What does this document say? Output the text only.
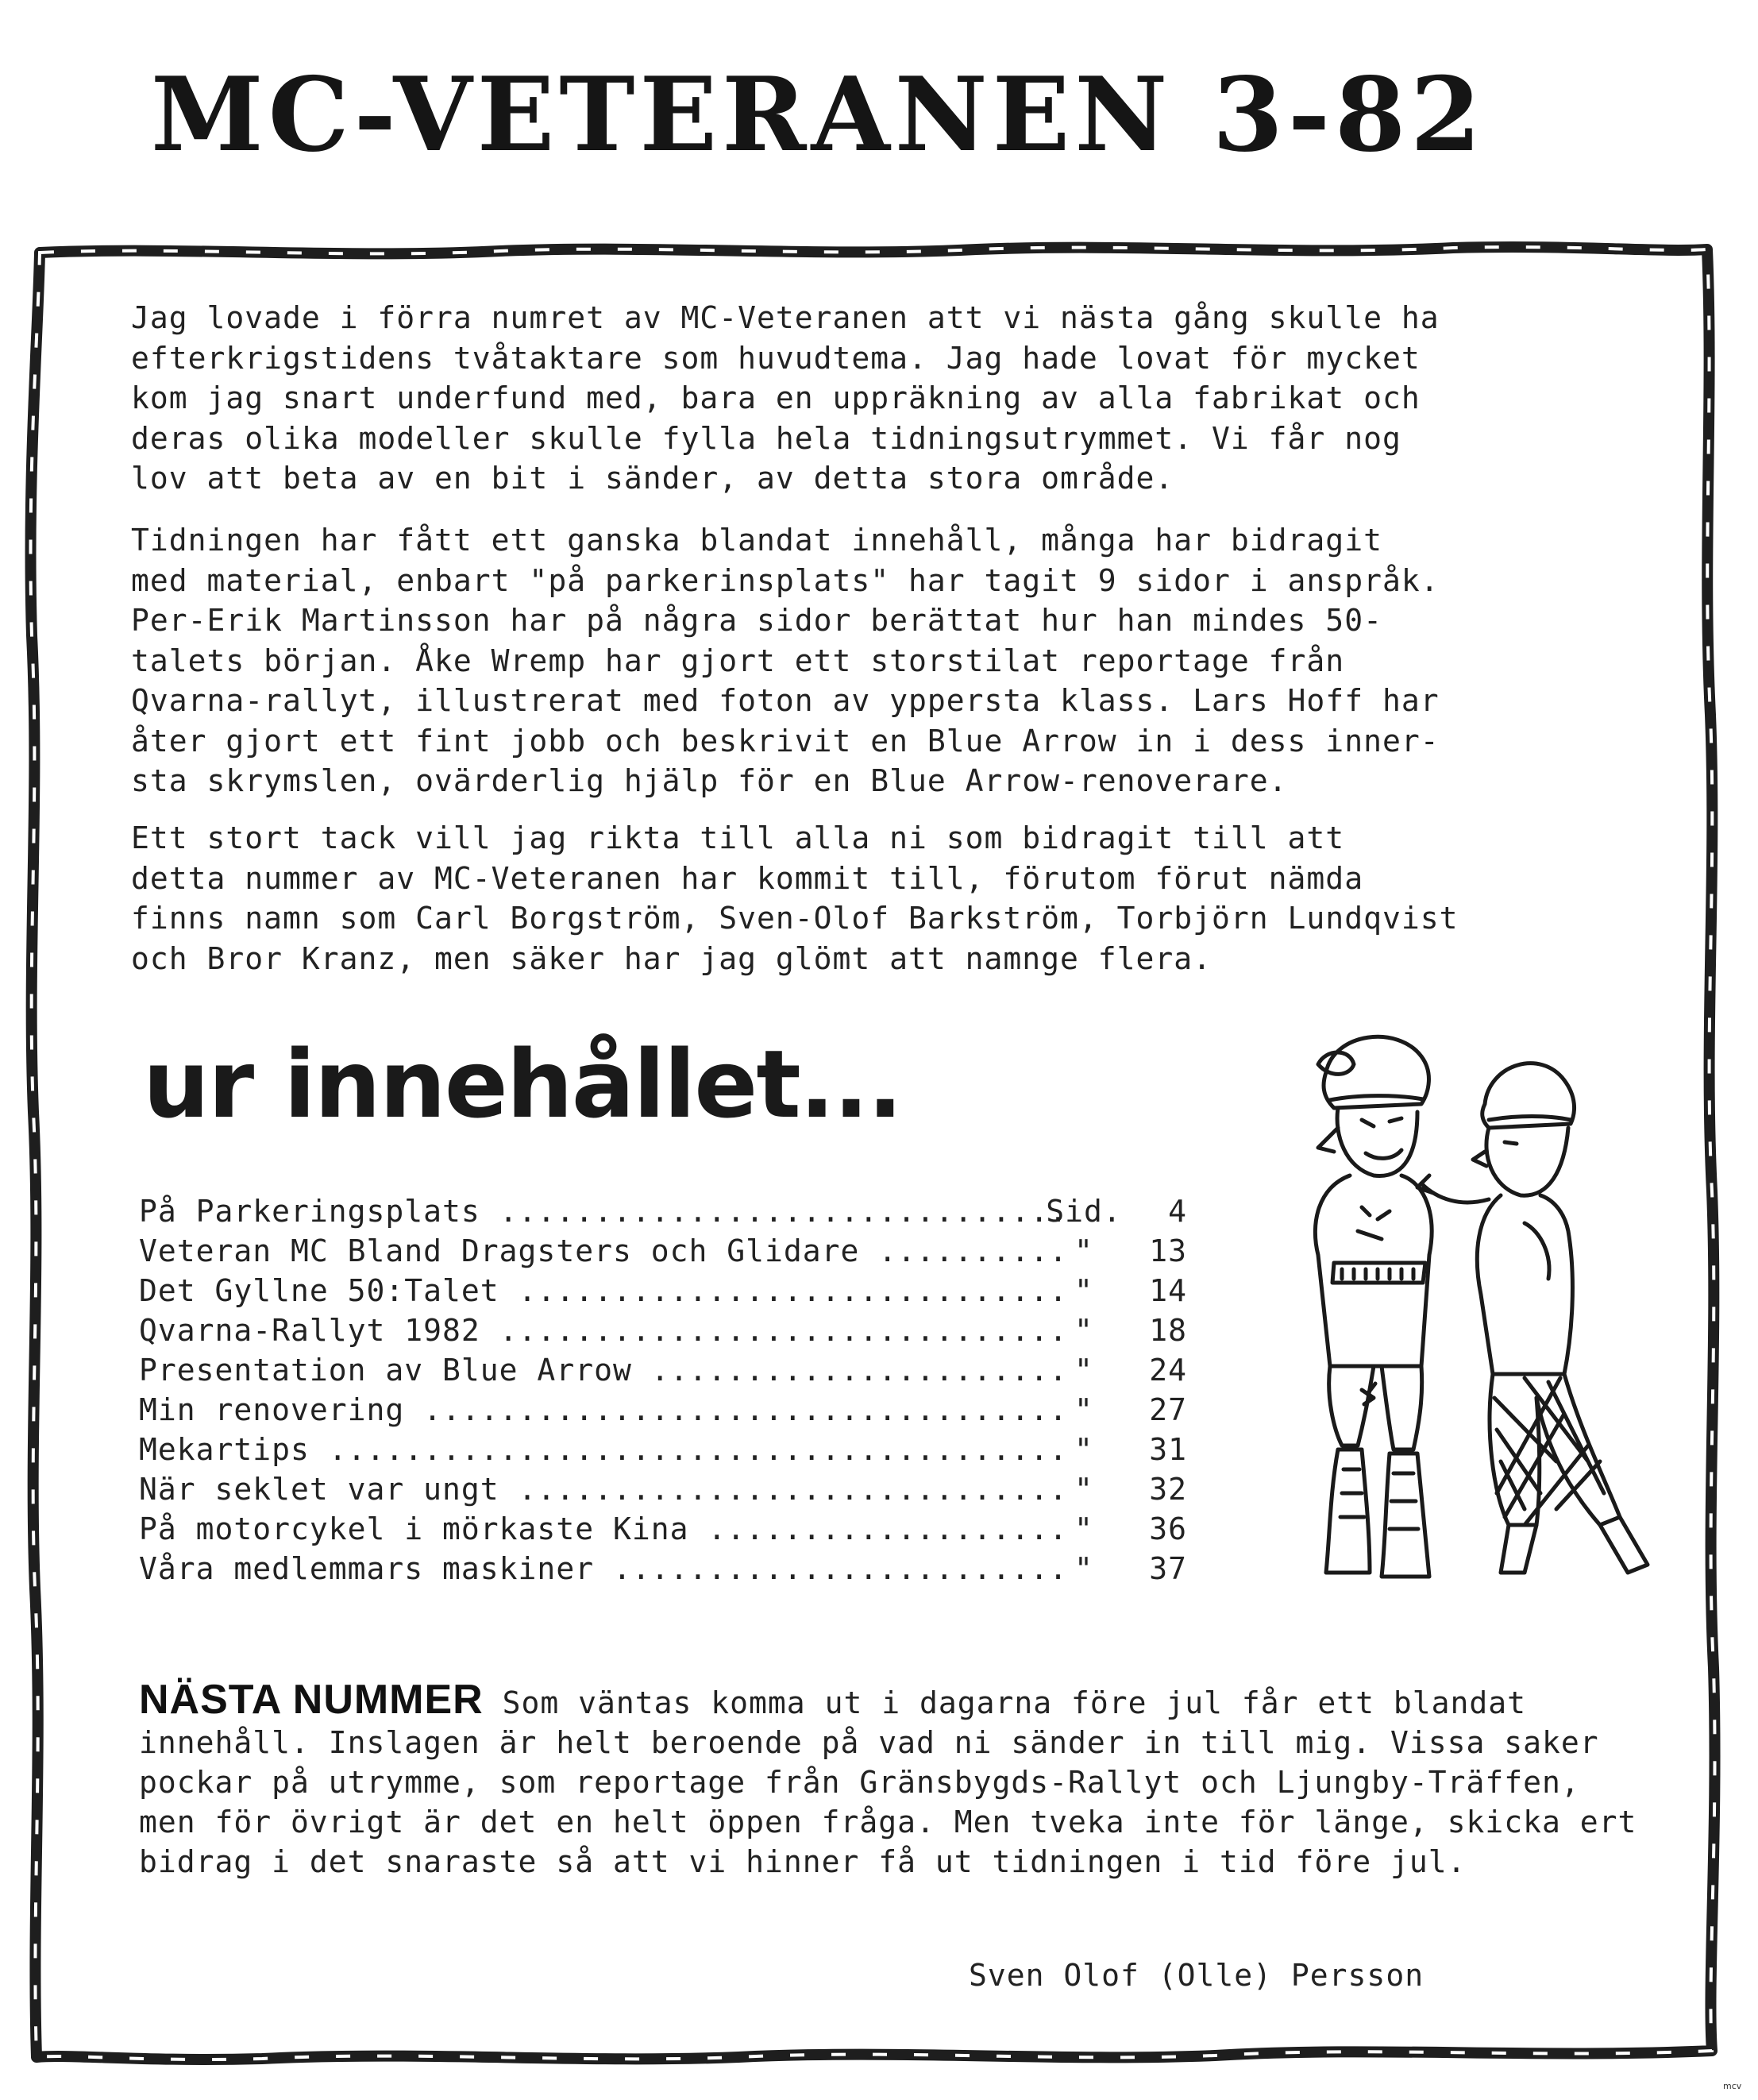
MC-VETERANEN 3-82

Jag lovade i förra numret av MC-Veteranen att vi nästa gång skulle ha
efterkrigstidens tvåtaktare som huvudtema. Jag hade lovat för mycket
kom jag snart underfund med, bara en uppräkning av alla fabrikat och
deras olika modeller skulle fylla hela tidningsutrymmet. Vi får nog
lov att beta av en bit i sänder, av detta stora område.

Tidningen har fått ett ganska blandat innehåll, många har bidragit
med material, enbart "på parkerinsplats" har tagit 9 sidor i anspråk.
Per-Erik Martinsson har på några sidor berättat hur han mindes 50-
talets början. Åke Wremp har gjort ett storstilat reportage från
Qvarna-rallyt, illustrerat med foton av yppersta klass. Lars Hoff har
åter gjort ett fint jobb och beskrivit en Blue Arrow in i dess inner-
sta skrymslen, ovärderlig hjälp för en Blue Arrow-renoverare.

Ett stort tack vill jag rikta till alla ni som bidragit till att
detta nummer av MC-Veteranen har kommit till, förutom förut nämda
finns namn som Carl Borgström, Sven-Olof Barkström, Torbjörn Lundqvist
och Bror Kranz, men säker har jag glömt att namnge flera.

ur innehållet...
På Parkeringsplats .....	Sid.	4
Veteran MC Bland Dragsters och Glidare .....	"	13
Det Gyllne 50:Talet .....	"	14
Qvarna-Rallyt 1982 .....	"	18
Presentation av Blue Arrow .....	"	24
Min renovering .....	"	27
Mekartips .....	"	31
När seklet var ungt .....	"	32
På motorcykel i mörkaste Kina .....	"	36
Våra medlemmars maskiner .....	"	37

NÄSTA NUMMER Som väntas komma ut i dagarna före jul får ett blandat innehåll. Inslagen är helt beroende på vad ni sänder in till mig. Vissa saker pockar på utrymme, som reportage från Gränsbygds-Rallyt och Ljungby-Träffen, men för övrigt är det en helt öppen fråga. Men tveka inte för länge, skicka ert bidrag i det snaraste så att vi hinner få ut tidningen i tid före jul.

Sven Olof (Olle) Persson
mcv
